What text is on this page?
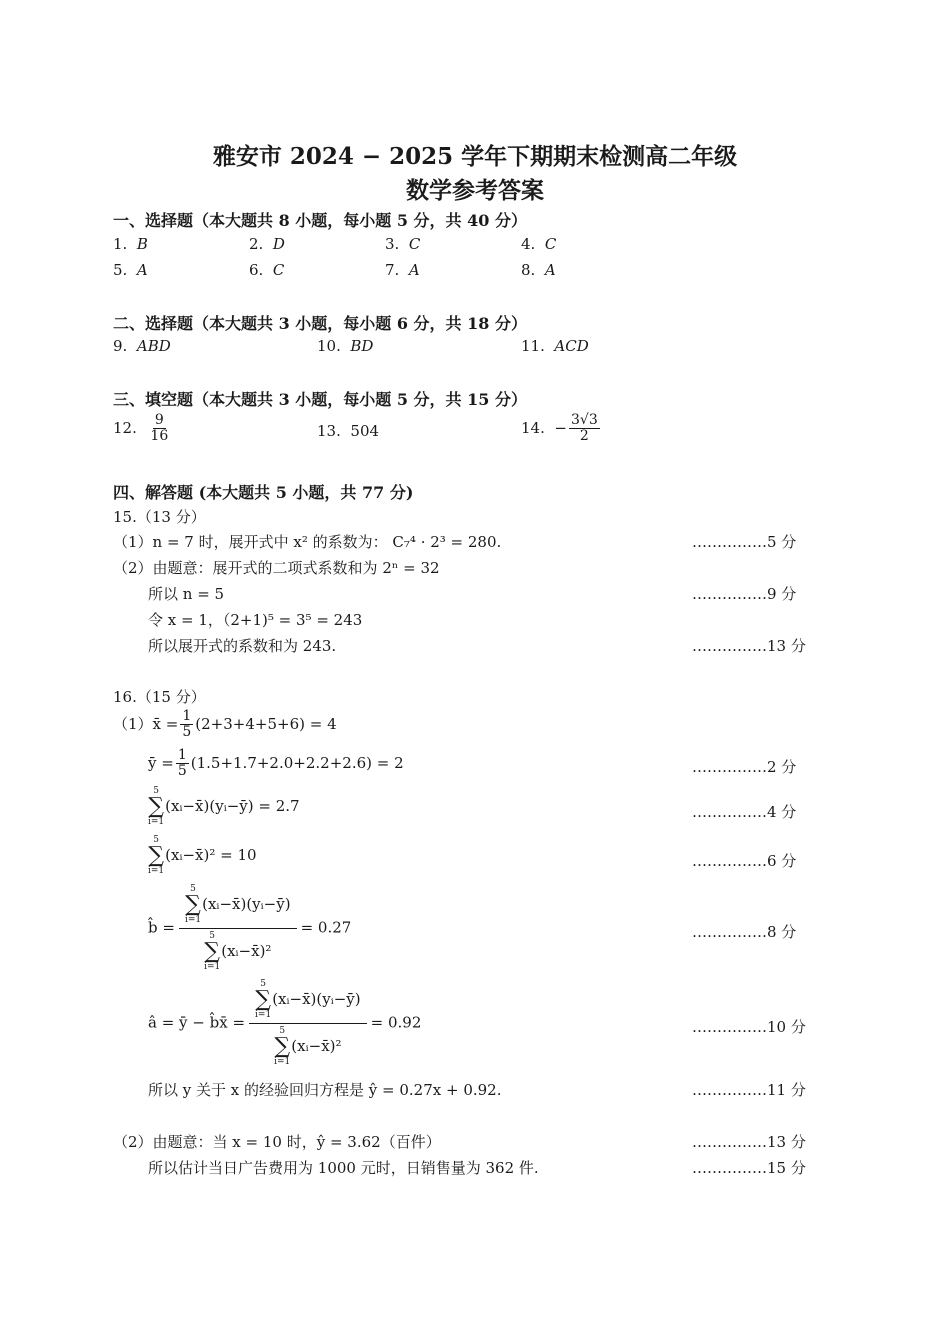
雅安市 2024 − 2025 学年下期期末检测高二年级
数学参考答案
一、选择题（本大题共 8 小题，每小题 5 分，共 40 分）
1. B	2. D	3. C	4. C
5. A	6. C	7. A	8. A
二、选择题（本大题共 3 小题，每小题 6 分，共 18 分）
9. ABD	10. BD	11. ACD
三、填空题（本大题共 3 小题，每小题 5 分，共 15 分）
12. $\frac{9}{16}$	13. 504	14. − $\frac{3√3}{2}$
四、解答题 (本大题共 5 小题，共 77 分)
15.（13 分）
（1）n = 7 时，展开式中 x² 的系数为： C₇⁴ · 2³ = 280.	……………5 分
（2）由题意：展开式的二项式系数和为 2ⁿ = 32
所以 n = 5	……………9 分
令 x = 1，（2+1)⁵ = 3⁵ = 243
所以展开式的系数和为 243.	……………13 分
16.（15 分）
（1）x̄ = $\frac{1}{5} (2+3+4+5+6) = 4$
ȳ = $\frac{1}{5} (1.5+1.7+2.0+2.2+2.6) = 2$	……………2 分
5
∑
i=1
(xᵢ−x̄)(yᵢ−ȳ) = 2.7	……………4 分
5
∑
i=1
(xᵢ−x̄)² = 10	……………6 分
b̂ = 5
∑
i=1
(xᵢ−x̄)(yᵢ−ȳ)
5
∑
i=1
(xᵢ−x̄)² = 0.27	……………8 分
â = ȳ − b̂x̄ = 5
∑
i=1
(xᵢ−x̄)(yᵢ−ȳ)
5
∑
i=1
(xᵢ−x̄)² = 0.92	……………10 分
所以 y 关于 x 的经验回归方程是 ŷ = 0.27x + 0.92.	……………11 分
（2）由题意：当 x = 10 时，ŷ = 3.62（百件）	……………13 分
所以估计当日广告费用为 1000 元时，日销售量为 362 件.	……………15 分
